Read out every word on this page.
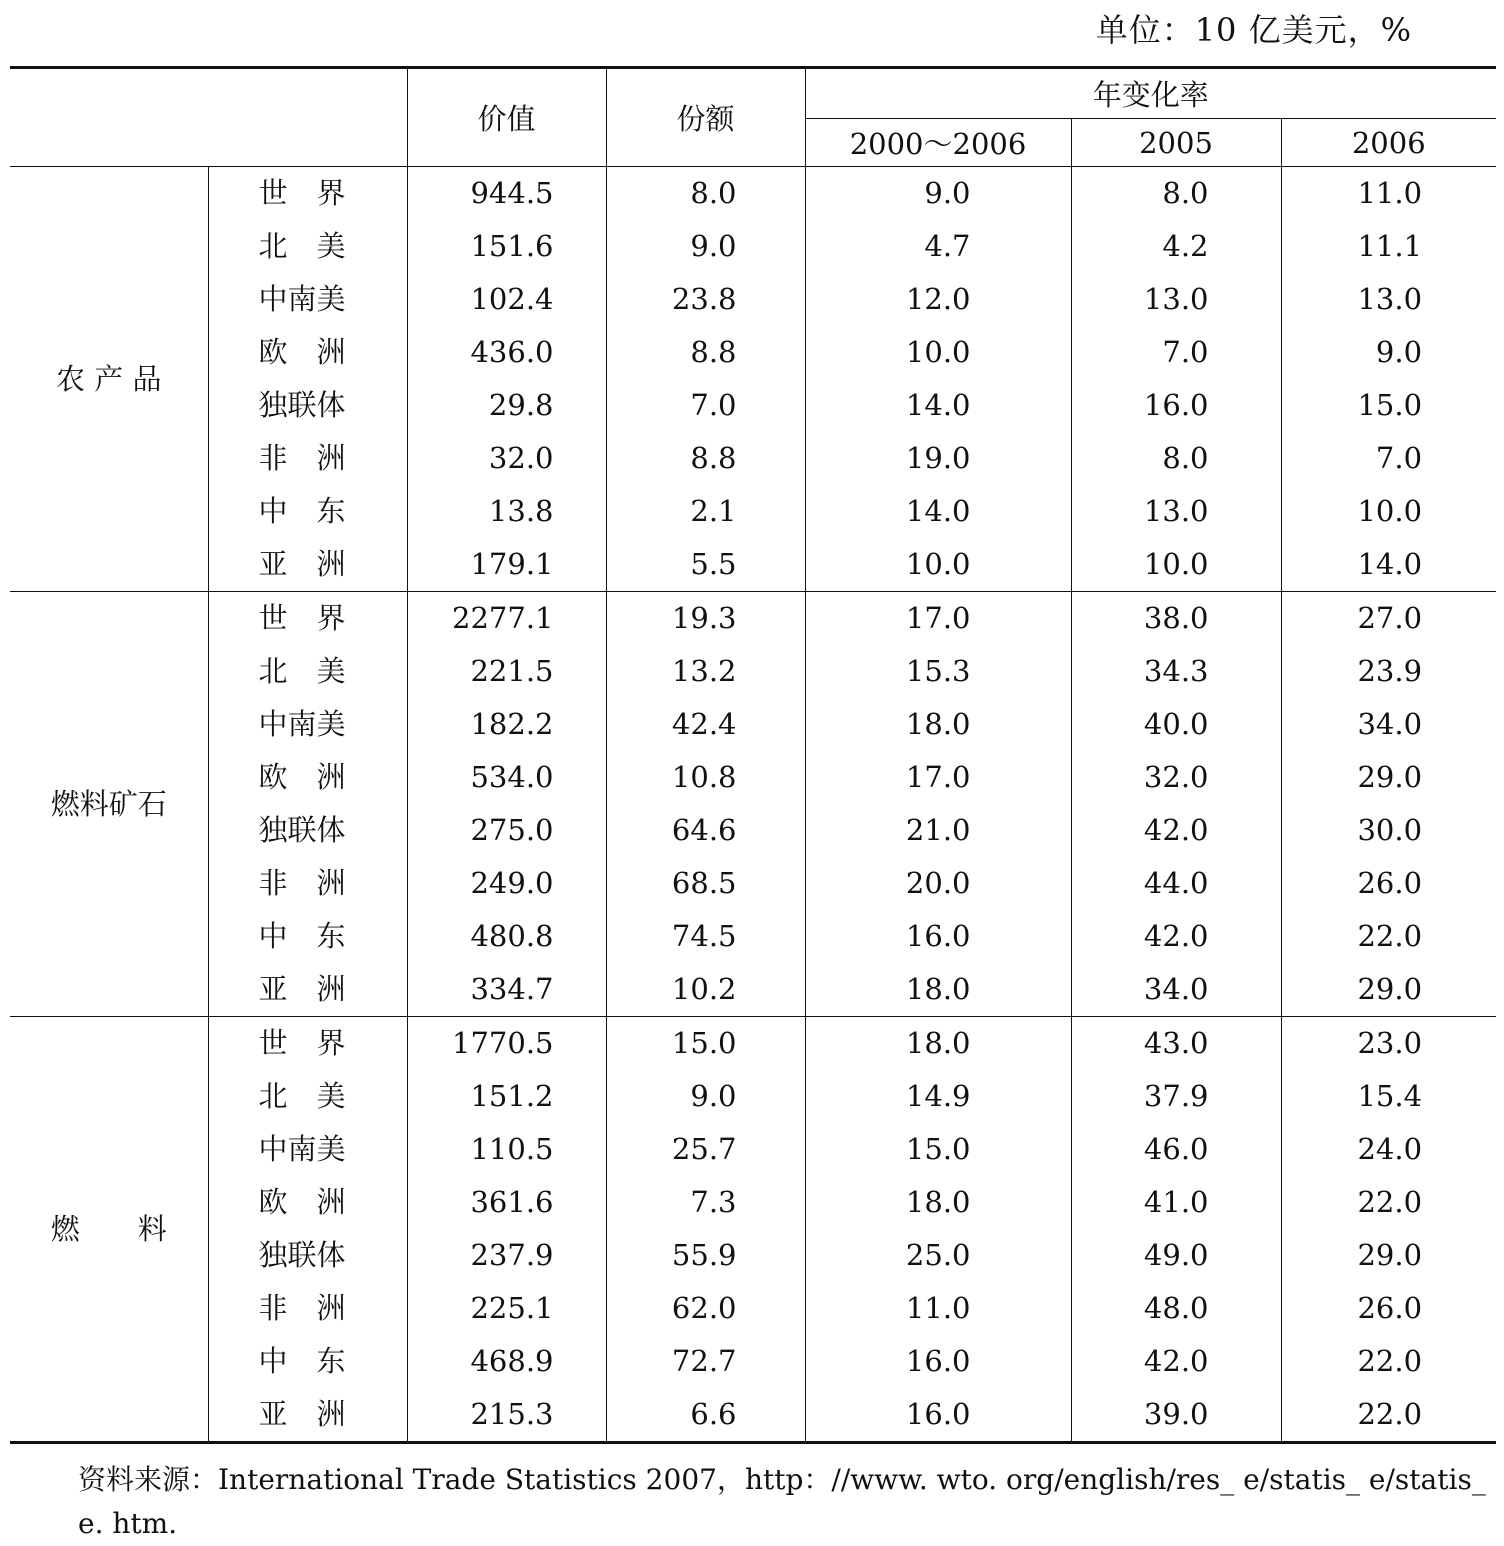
单位：10 亿美元，%
		价值	份额	年变化率		
				2000～2006	2005	2006
农 产 品	世　界	944.5	8.0	9.0	8.0	11.0
	北　美	151.6	9.0	4.7	4.2	11.1
	中南美	102.4	23.8	12.0	13.0	13.0
	欧　洲	436.0	8.8	10.0	7.0	9.0
	独联体	29.8	7.0	14.0	16.0	15.0
	非　洲	32.0	8.8	19.0	8.0	7.0
	中　东	13.8	2.1	14.0	13.0	10.0
	亚　洲	179.1	5.5	10.0	10.0	14.0
燃料矿石	世　界	2277.1	19.3	17.0	38.0	27.0
	北　美	221.5	13.2	15.3	34.3	23.9
	中南美	182.2	42.4	18.0	40.0	34.0
	欧　洲	534.0	10.8	17.0	32.0	29.0
	独联体	275.0	64.6	21.0	42.0	30.0
	非　洲	249.0	68.5	20.0	44.0	26.0
	中　东	480.8	74.5	16.0	42.0	22.0
	亚　洲	334.7	10.2	18.0	34.0	29.0
燃　　料	世　界	1770.5	15.0	18.0	43.0	23.0
	北　美	151.2	9.0	14.9	37.9	15.4
	中南美	110.5	25.7	15.0	46.0	24.0
	欧　洲	361.6	7.3	18.0	41.0	22.0
	独联体	237.9	55.9	25.0	49.0	29.0
	非　洲	225.1	62.0	11.0	48.0	26.0
	中　东	468.9	72.7	16.0	42.0	22.0
	亚　洲	215.3	6.6	16.0	39.0	22.0
资料来源：International Trade Statistics 2007，http：//www. wto. org/english/res_ e/statis_ e/statis_ e. htm.
